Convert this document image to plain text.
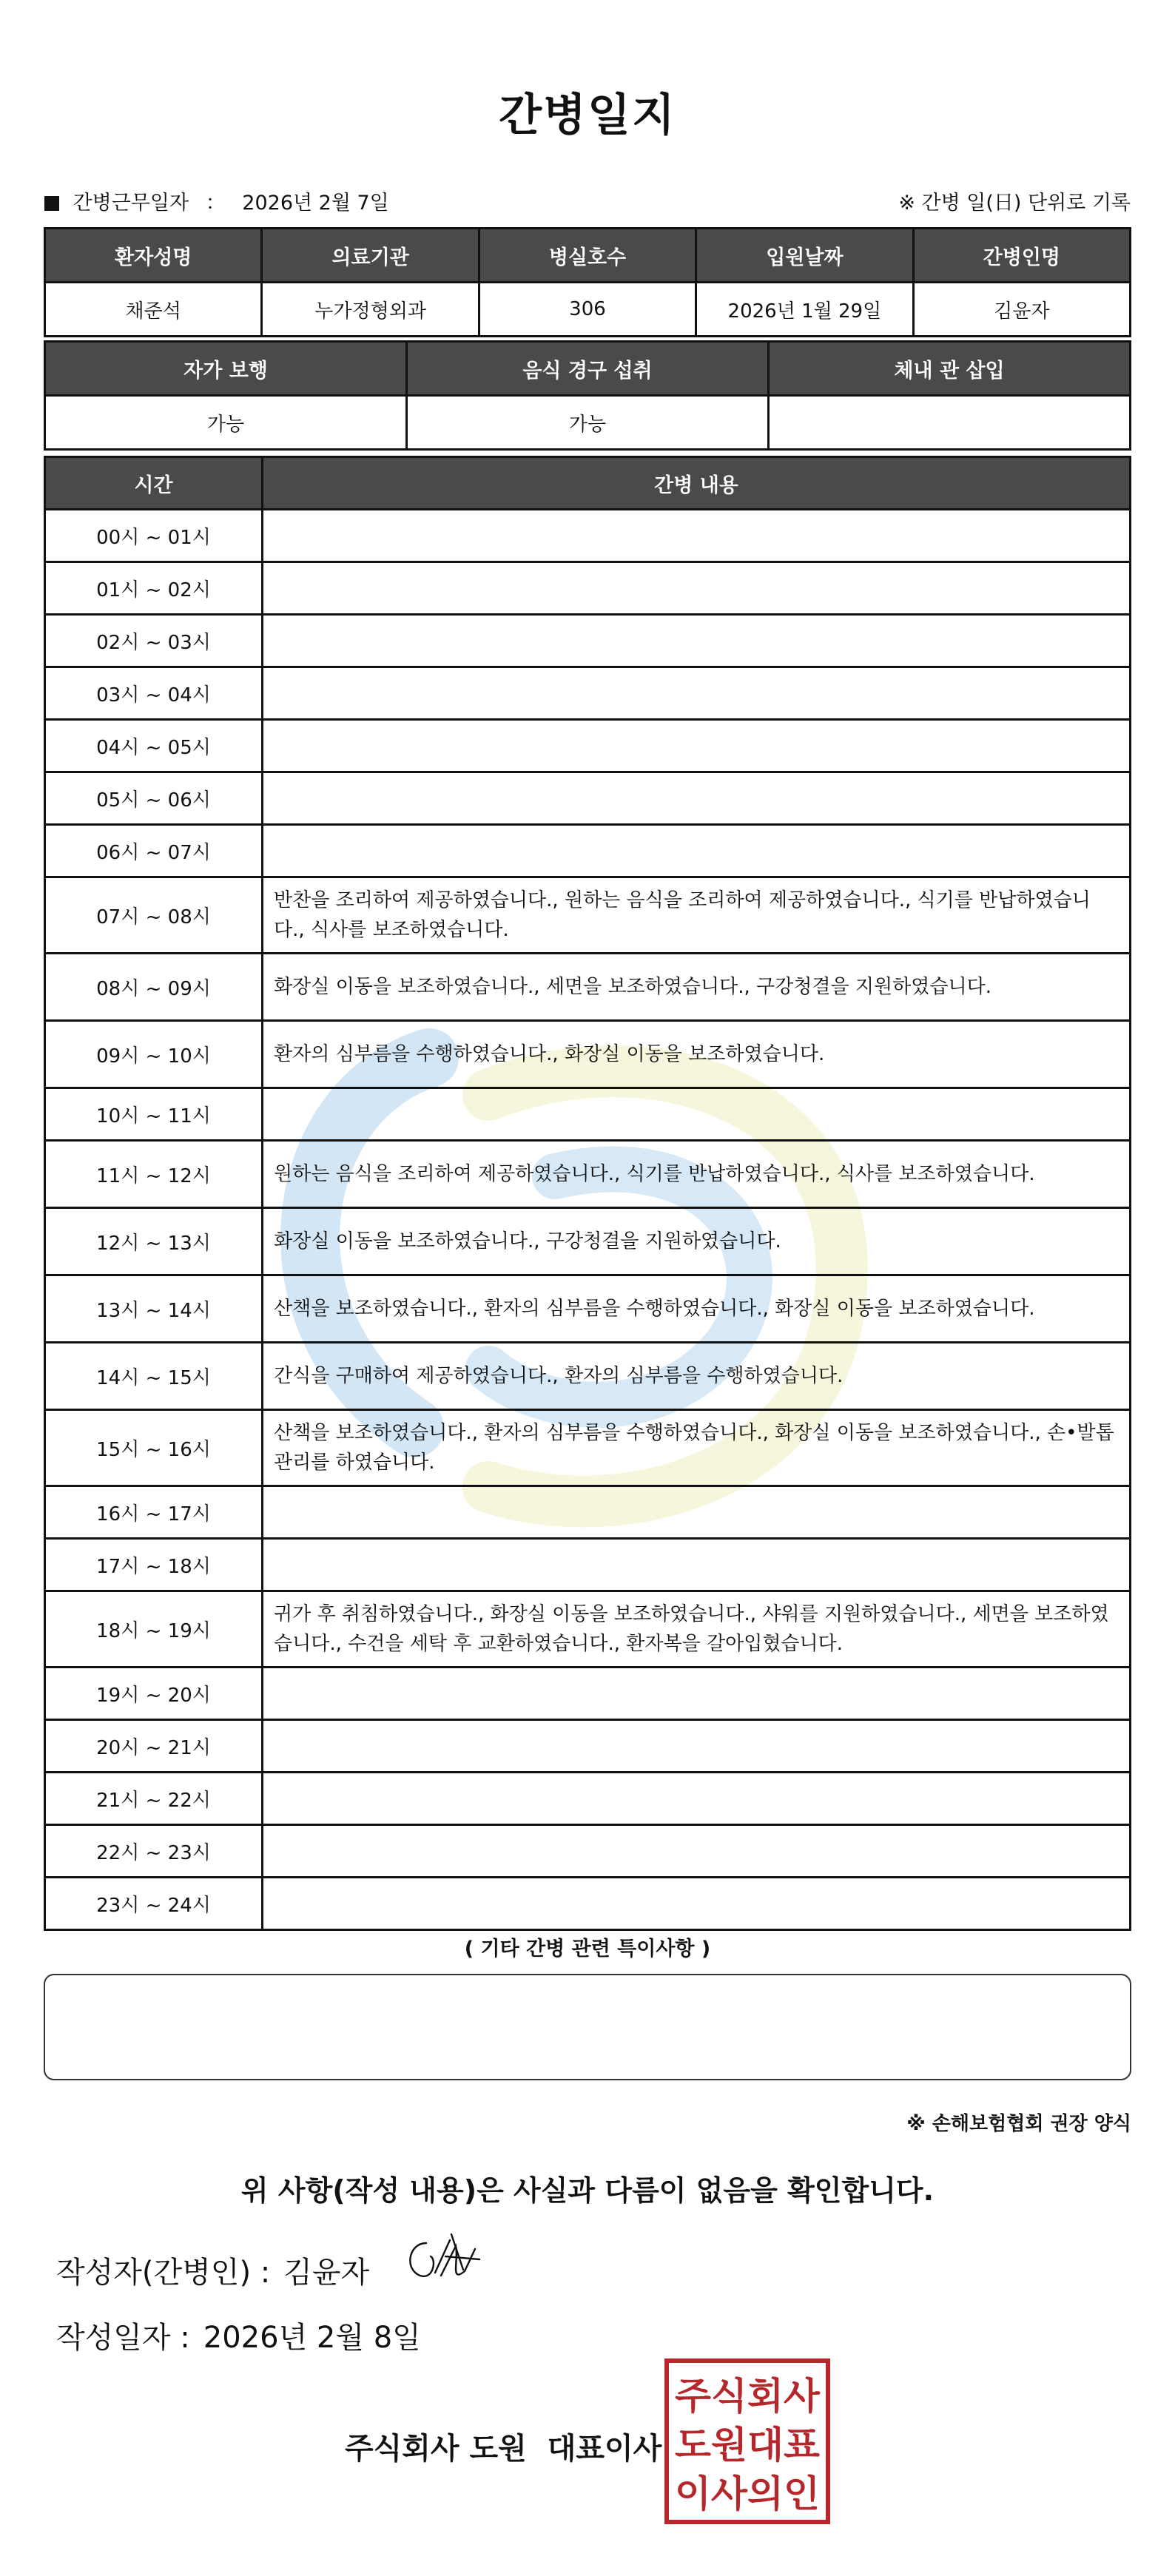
간병일지
간병근무일자 ： 2026년 2월 7일	※ 간병 일(日) 단위로 기록
환자성명	의료기관	병실호수	입원날짜	간병인명
채준석	누가정형외과	306	2026년 1월 29일	김윤자
자가 보행	음식 경구 섭취	체내 관 삽입
가능	가능	
시간	간병 내용
00시 ~ 01시	
01시 ~ 02시	
02시 ~ 03시	
03시 ~ 04시	
04시 ~ 05시	
05시 ~ 06시	
06시 ~ 07시	
07시 ~ 08시	반찬을 조리하여 제공하였습니다., 원하는 음식을 조리하여 제공하였습니다., 식기를 반납하였습니다., 식사를 보조하였습니다.
08시 ~ 09시	화장실 이동을 보조하였습니다., 세면을 보조하였습니다., 구강청결을 지원하였습니다.
09시 ~ 10시	환자의 심부름을 수행하였습니다., 화장실 이동을 보조하였습니다.
10시 ~ 11시	
11시 ~ 12시	원하는 음식을 조리하여 제공하였습니다., 식기를 반납하였습니다., 식사를 보조하였습니다.
12시 ~ 13시	화장실 이동을 보조하였습니다., 구강청결을 지원하였습니다.
13시 ~ 14시	산책을 보조하였습니다., 환자의 심부름을 수행하였습니다., 화장실 이동을 보조하였습니다.
14시 ~ 15시	간식을 구매하여 제공하였습니다., 환자의 심부름을 수행하였습니다.
15시 ~ 16시	산책을 보조하였습니다., 환자의 심부름을 수행하였습니다., 화장실 이동을 보조하였습니다., 손•발톱 관리를 하였습니다.
16시 ~ 17시	
17시 ~ 18시	
18시 ~ 19시	귀가 후 취침하였습니다., 화장실 이동을 보조하였습니다., 샤워를 지원하였습니다., 세면을 보조하였습니다., 수건을 세탁 후 교환하였습니다., 환자복을 갈아입혔습니다.
19시 ~ 20시	
20시 ~ 21시	
21시 ~ 22시	
22시 ~ 23시	
23시 ~ 24시	
( 기타 간병 관련 특이사항 )
※ 손해보험협회 권장 양식
위 사항(작성 내용)은 사실과 다름이 없음을 확인합니다.
작성자(간병인) : 김윤자
작성일자 : 2026년 2월 8일
주식회사 도원 대표이사
주식회사
도원대표
이사의인
